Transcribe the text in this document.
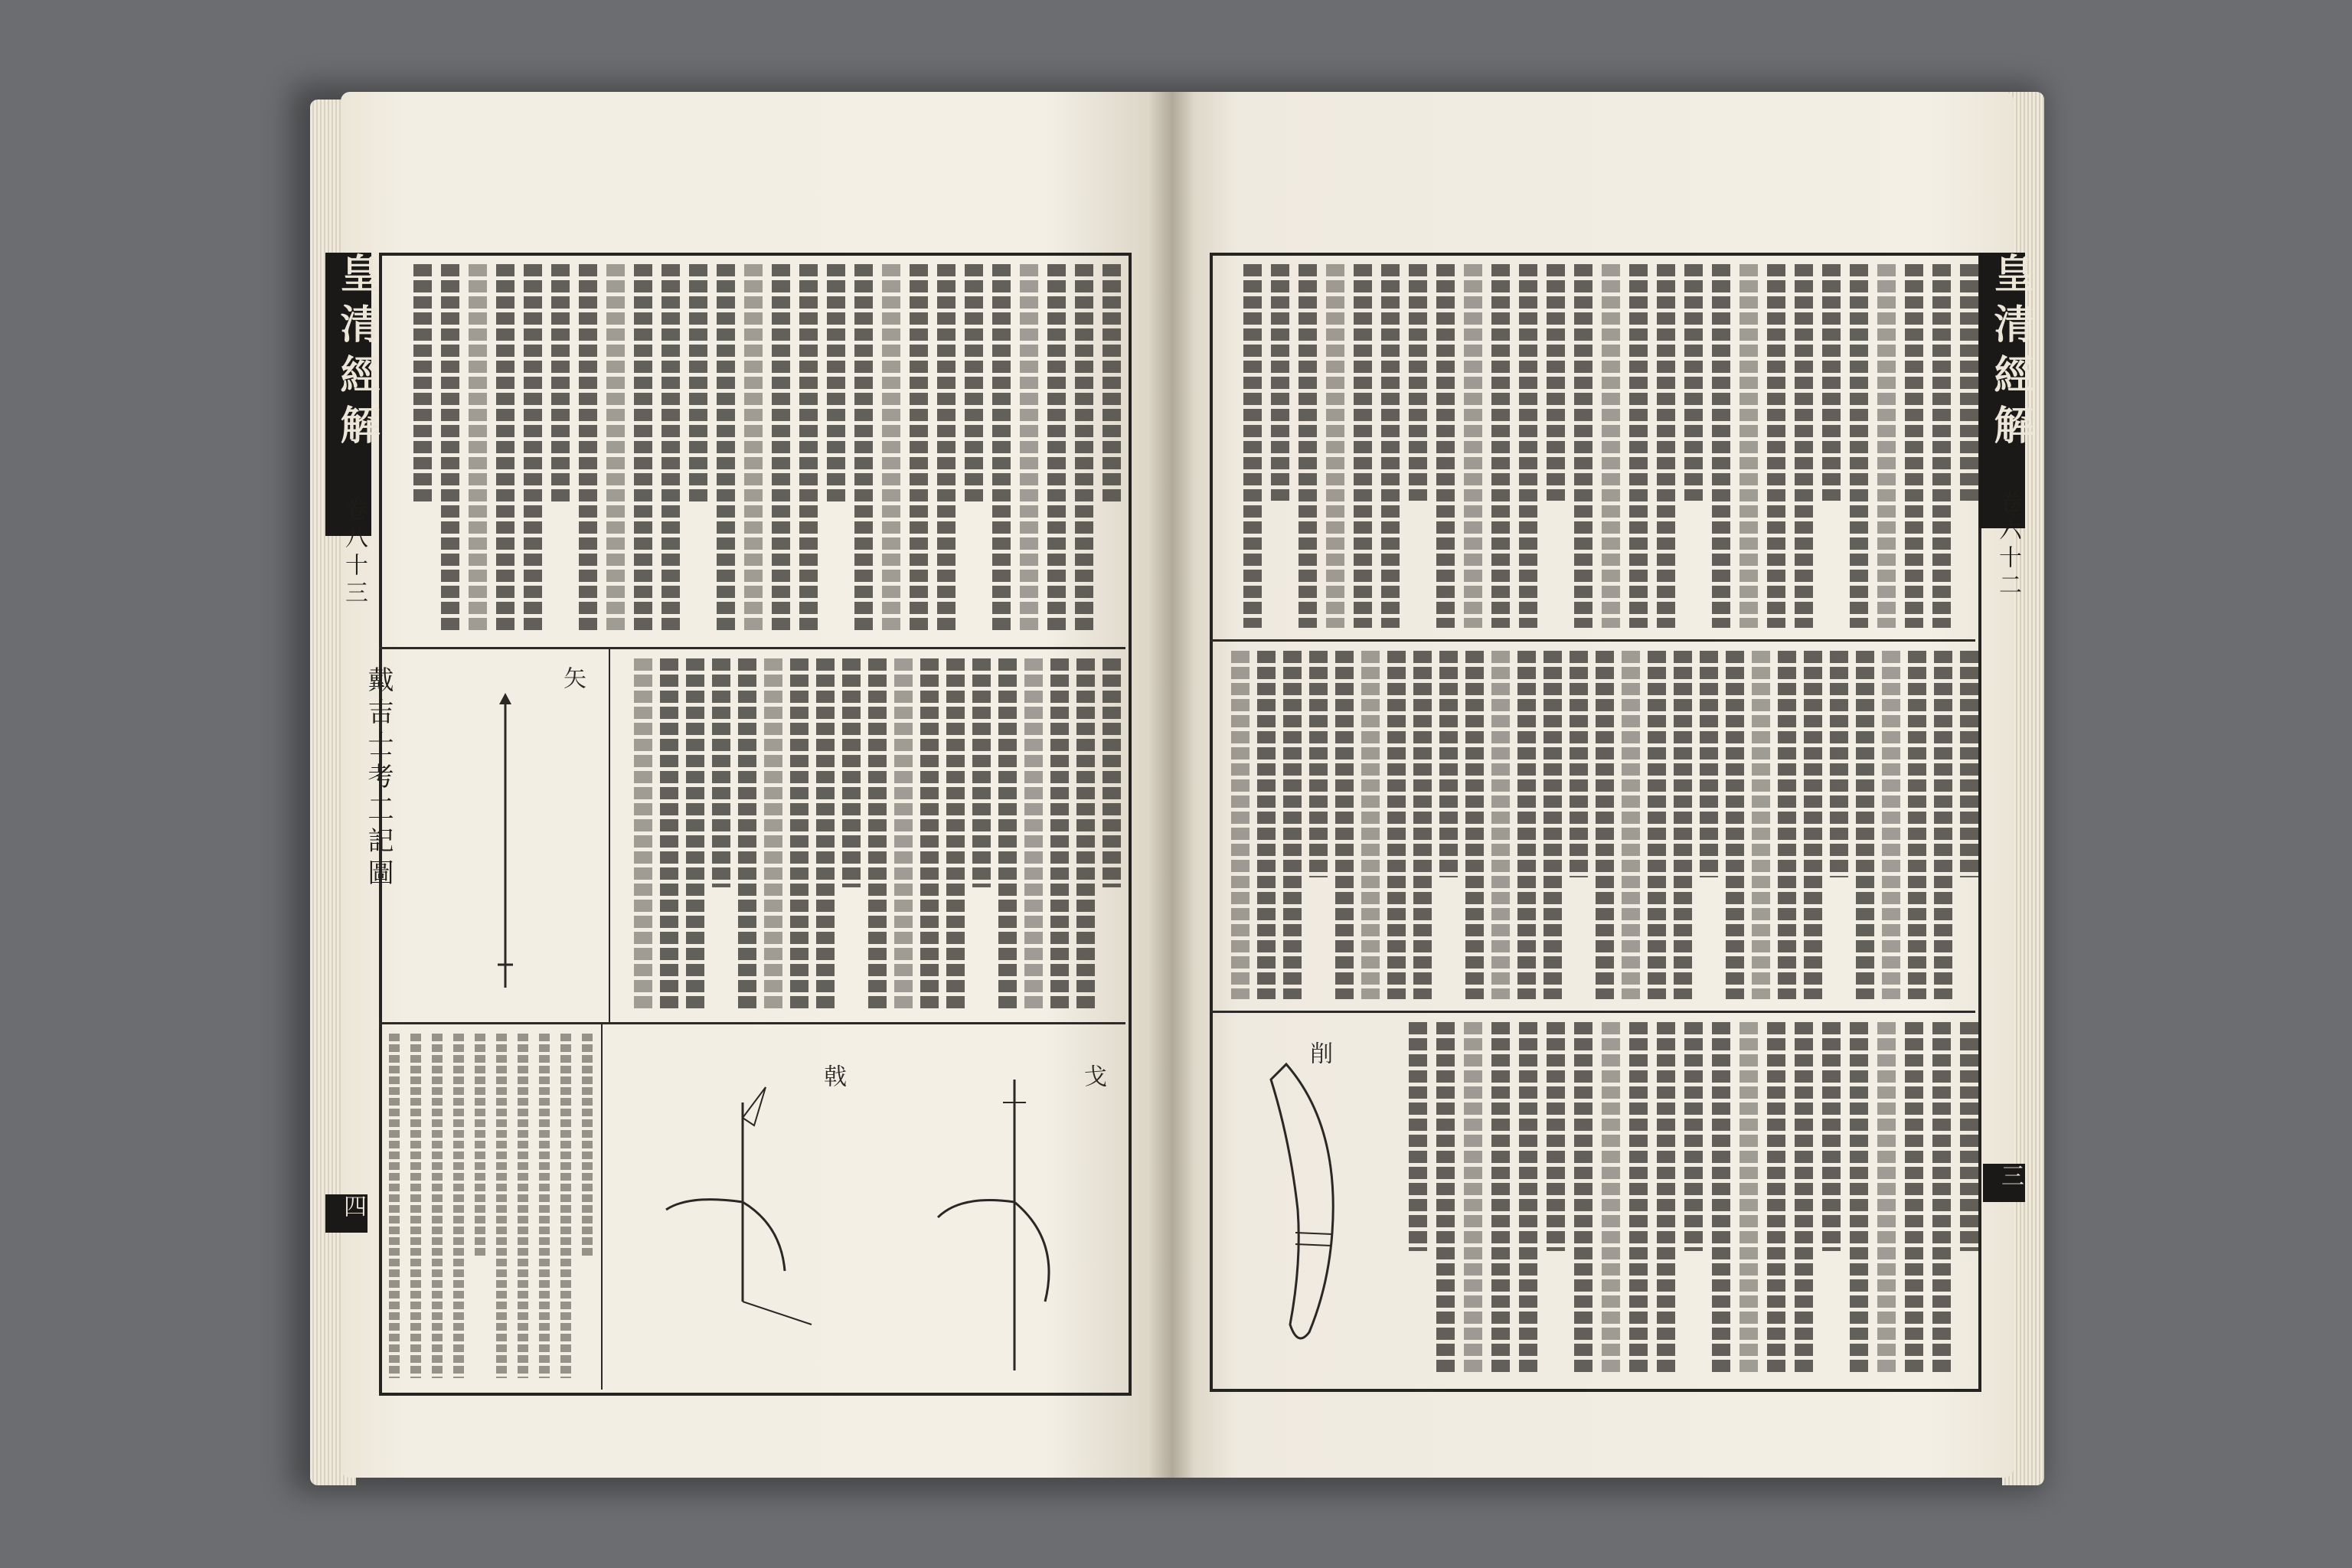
皇清經解
卷八十三
四
戴吉士考工記圖	矢
戈
戟
皇清經解
卷六十二
三
削
